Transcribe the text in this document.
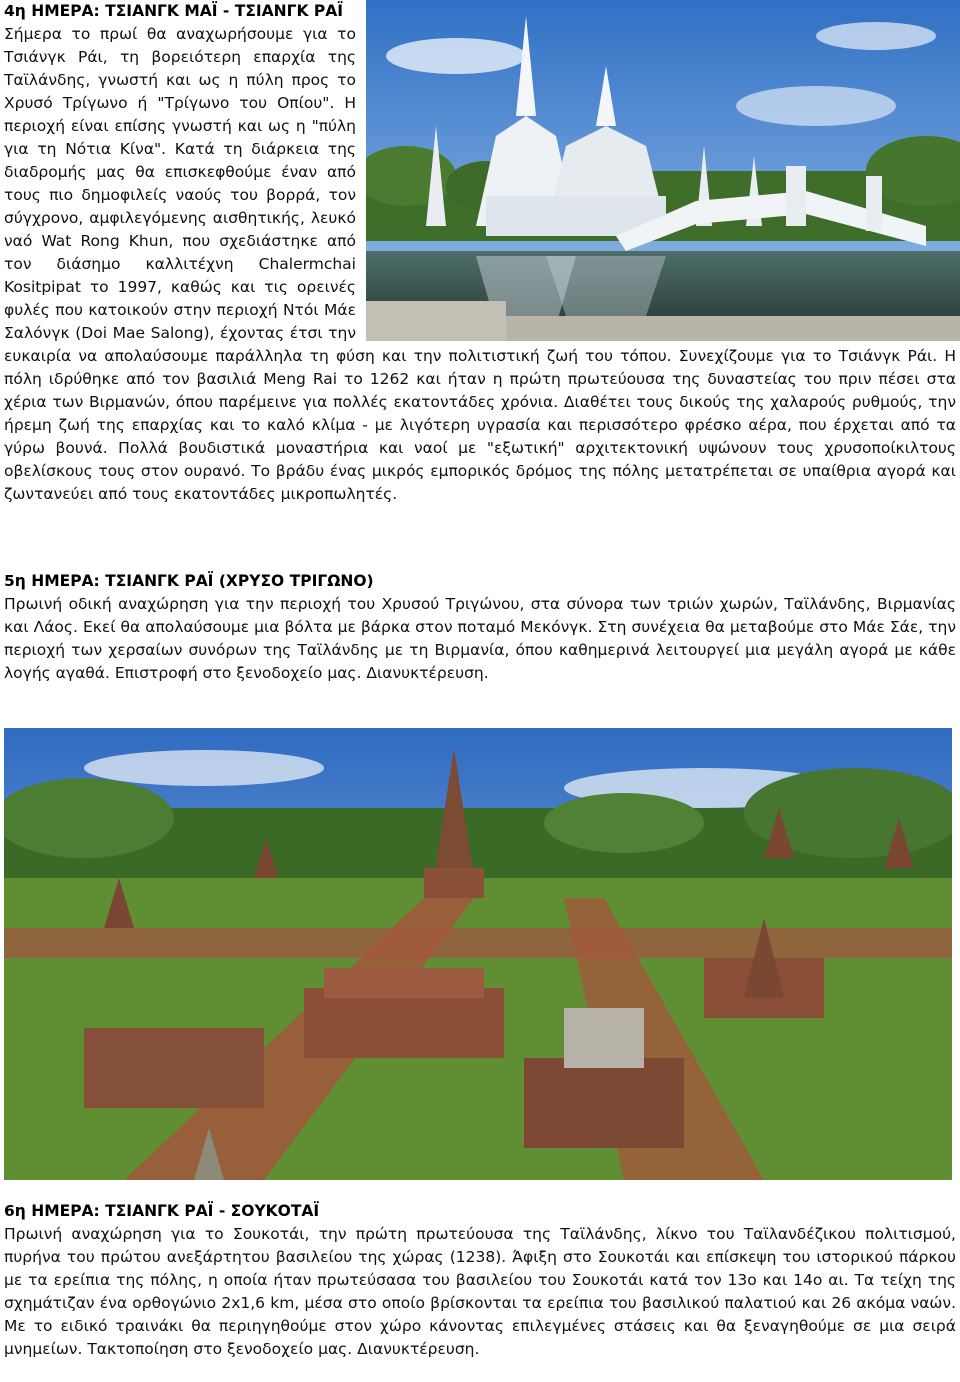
4η ΗΜΕΡΑ: ΤΣΙΑΝΓΚ ΜΑΪ - ΤΣΙΑΝΓΚ ΡΑΪ

Σήμερα το πρωί θα αναχωρήσουμε για το Τσιάνγκ Ράι, τη βορειότερη επαρχία της Ταϊλάνδης, γνωστή και ως η πύλη προς το Χρυσό Τρίγωνο ή "Τρίγωνο του Οπίου". Η περιοχή είναι επίσης γνωστή και ως η "πύλη για τη Νότια Κίνα". Κατά τη διάρκεια της διαδρομής μας θα επισκεφθούμε έναν από τους πιο δημοφιλείς ναούς του βορρά, τον σύγχρονο, αμφιλεγόμενης αισθητικής, λευκό ναό Wat Rong Khun, που σχεδιάστηκε από τον διάσημο καλλιτέχνη Chalermchai Kositpipat το 1997, καθώς και τις ορεινές φυλές που κατοικούν στην περιοχή Ντόι Μάε Σαλόνγκ (Doi Mae Salong), έχοντας έτσι την ευκαιρία να απολαύσουμε παράλληλα τη φύση και την πολιτιστική ζωή του τόπου. Συνεχίζουμε για το Τσιάνγκ Ράι. Η πόλη ιδρύθηκε από τον βασιλιά Meng Rai το 1262 και ήταν η πρώτη πρωτεύουσα της δυναστείας του πριν πέσει στα χέρια των Βιρμανών, όπου παρέμεινε για πολλές εκατοντάδες χρόνια. Διαθέτει τους δικούς της χαλαρούς ρυθμούς, την ήρεμη ζωή της επαρχίας και το καλό κλίμα - με λιγότερη υγρασία και περισσότερο φρέσκο αέρα, που έρχεται από τα γύρω βουνά. Πολλά βουδιστικά μοναστήρια και ναοί με "εξωτική" αρχιτεκτονική υψώνουν τους χρυσοποίκιλτους οβελίσκους τους στον ουρανό. Το βράδυ ένας μικρός εμπορικός δρόμος της πόλης μετατρέπεται σε υπαίθρια αγορά και ζωντανεύει από τους εκατοντάδες μικροπωλητές.

5η ΗΜΕΡΑ: ΤΣΙΑΝΓΚ ΡΑΪ (ΧΡΥΣΟ ΤΡΙΓΩΝΟ)

Πρωινή οδική αναχώρηση για την περιοχή του Χρυσού Τριγώνου, στα σύνορα των τριών χωρών, Ταϊλάνδης, Βιρμανίας και Λάος. Εκεί θα απολαύσουμε μια βόλτα με βάρκα στον ποταμό Μεκόνγκ. Στη συνέχεια θα μεταβούμε στο Μάε Σάε, την περιοχή των χερσαίων συνόρων της Ταϊλάνδης με τη Βιρμανία, όπου καθημερινά λειτουργεί μια μεγάλη αγορά με κάθε λογής αγαθά. Επιστροφή στο ξενοδοχείο μας. Διανυκτέρευση.

6η ΗΜΕΡΑ: ΤΣΙΑΝΓΚ ΡΑΪ - ΣΟΥΚΟΤΑΪ

Πρωινή αναχώρηση για το Σουκοτάι, την πρώτη πρωτεύουσα της Ταϊλάνδης, λίκνο του Ταϊλανδέζικου πολιτισμού, πυρήνα του πρώτου ανεξάρτητου βασιλείου της χώρας (1238). Άφιξη στο Σουκοτάι και επίσκεψη του ιστορικού πάρκου με τα ερείπια της πόλης, η οποία ήταν πρωτεύσασα του βασιλείου του Σουκοτάι κατά τον 13ο και 14ο αι. Τα τείχη της σχημάτιζαν ένα ορθογώνιο 2x1,6 km, μέσα στο οποίο βρίσκονται τα ερείπια του βασιλικού παλατιού και 26 ακόμα ναών. Με το ειδικό τραινάκι θα περιηγηθούμε στον χώρο κάνοντας επιλεγμένες στάσεις και θα ξεναγηθούμε σε μια σειρά μνημείων. Τακτοποίηση στο ξενοδοχείο μας. Διανυκτέρευση.
